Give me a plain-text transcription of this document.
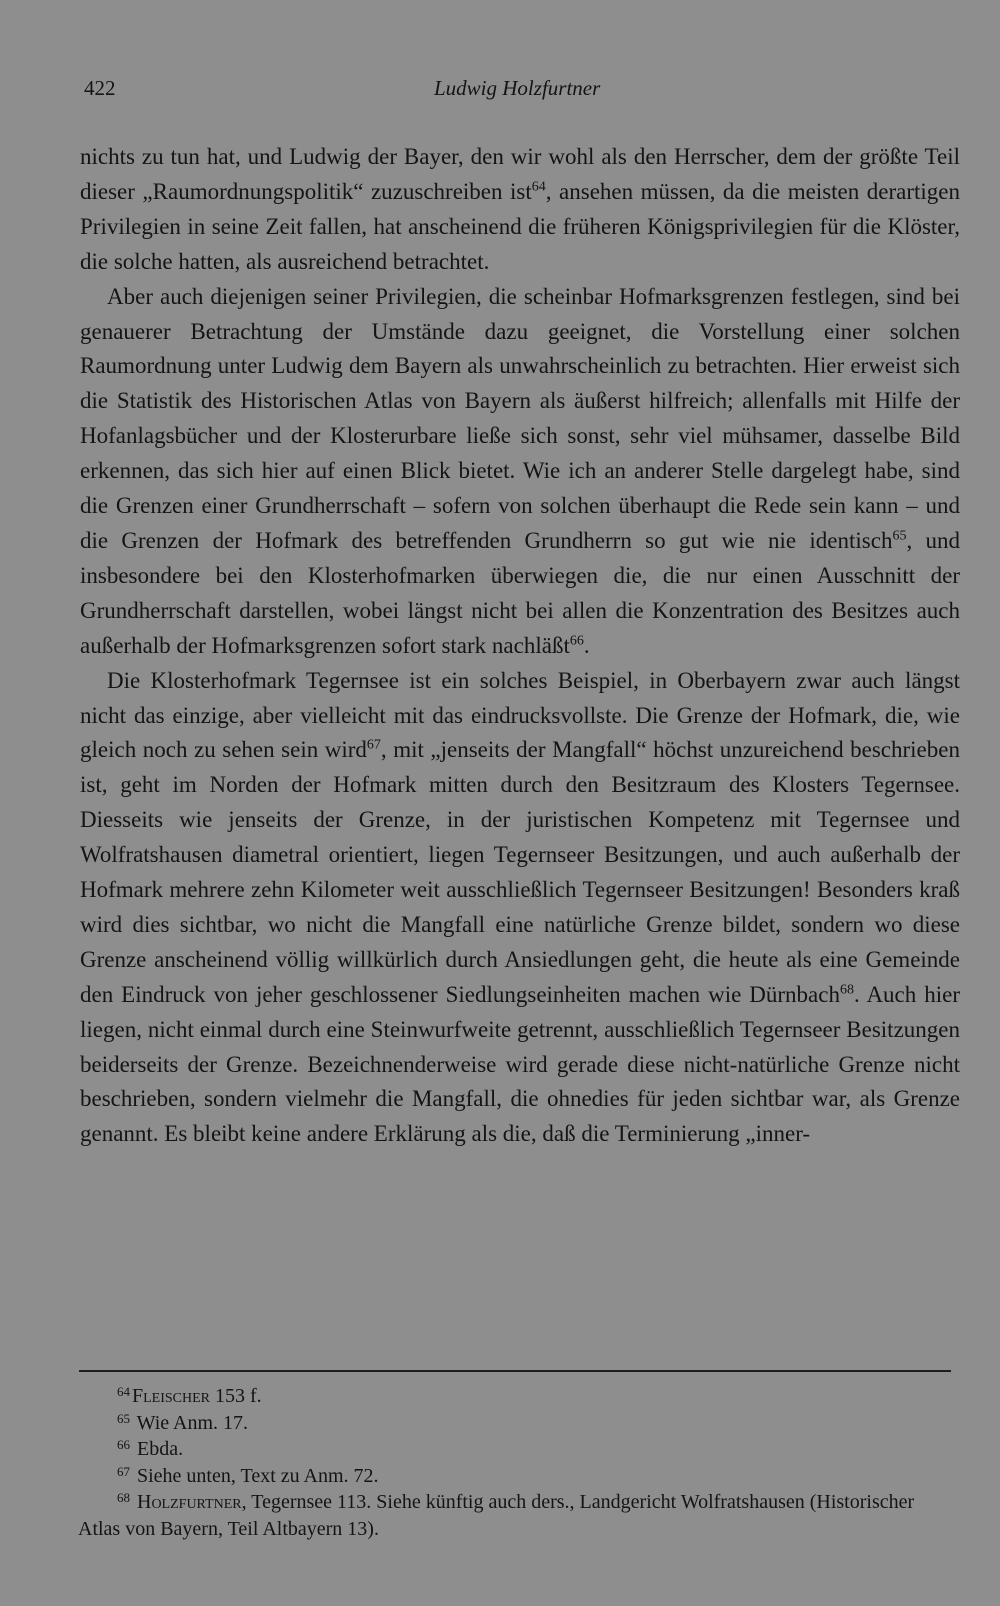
422	Ludwig Holzfurtner

nichts zu tun hat, und Ludwig der Bayer, den wir wohl als den Herrscher, dem der größte Teil dieser „Raumordnungspolitik“ zuzuschreiben ist$^{64}$, ansehen müssen, da die meisten derartigen Privilegien in seine Zeit fallen, hat anscheinend die früheren Königsprivilegien für die Klöster, die solche hatten, als ausreichend betrachtet.

Aber auch diejenigen seiner Privilegien, die scheinbar Hofmarksgrenzen festlegen, sind bei genauerer Betrachtung der Umstände dazu geeignet, die Vorstellung einer solchen Raumordnung unter Ludwig dem Bayern als unwahrscheinlich zu betrachten. Hier erweist sich die Statistik des Historischen Atlas von Bayern als äußerst hilfreich; allenfalls mit Hilfe der Hofanlagsbücher und der Klosterurbare ließe sich sonst, sehr viel mühsamer, dasselbe Bild erkennen, das sich hier auf einen Blick bietet. Wie ich an anderer Stelle dargelegt habe, sind die Grenzen einer Grundherrschaft – sofern von solchen überhaupt die Rede sein kann – und die Grenzen der Hofmark des betreffenden Grundherrn so gut wie nie identisch$^{65}$, und insbesondere bei den Klosterhofmarken überwiegen die, die nur einen Ausschnitt der Grundherrschaft darstellen, wobei längst nicht bei allen die Konzentration des Besitzes auch außerhalb der Hofmarksgrenzen sofort stark nachläßt$^{66}$.

Die Klosterhofmark Tegernsee ist ein solches Beispiel, in Oberbayern zwar auch längst nicht das einzige, aber vielleicht mit das eindrucksvollste. Die Grenze der Hofmark, die, wie gleich noch zu sehen sein wird$^{67}$, mit „jenseits der Mangfall“ höchst unzureichend beschrieben ist, geht im Norden der Hofmark mitten durch den Besitzraum des Klosters Tegernsee. Diesseits wie jenseits der Grenze, in der juristischen Kompetenz mit Tegernsee und Wolfratshausen diametral orientiert, liegen Tegernseer Besitzungen, und auch außerhalb der Hofmark mehrere zehn Kilometer weit ausschließlich Tegernseer Besitzungen! Besonders kraß wird dies sichtbar, wo nicht die Mangfall eine natürliche Grenze bildet, sondern wo diese Grenze anscheinend völlig willkürlich durch Ansiedlungen geht, die heute als eine Gemeinde den Eindruck von jeher geschlossener Siedlungseinheiten machen wie Dürnbach$^{68}$. Auch hier liegen, nicht einmal durch eine Steinwurfweite getrennt, ausschließlich Tegernseer Besitzungen beiderseits der Grenze. Bezeichnenderweise wird gerade diese nicht-natürliche Grenze nicht beschrieben, sondern vielmehr die Mangfall, die ohnedies für jeden sichtbar war, als Grenze genannt. Es bleibt keine andere Erklärung als die, daß die Terminierung „inner-

64 Fleischer 153 f.

65 Wie Anm. 17.

66 Ebda.

67 Siehe unten, Text zu Anm. 72.

68 Holzfurtner, Tegernsee 113. Siehe künftig auch ders., Landgericht Wolfratshausen (Historischer Atlas von Bayern, Teil Altbayern 13).
